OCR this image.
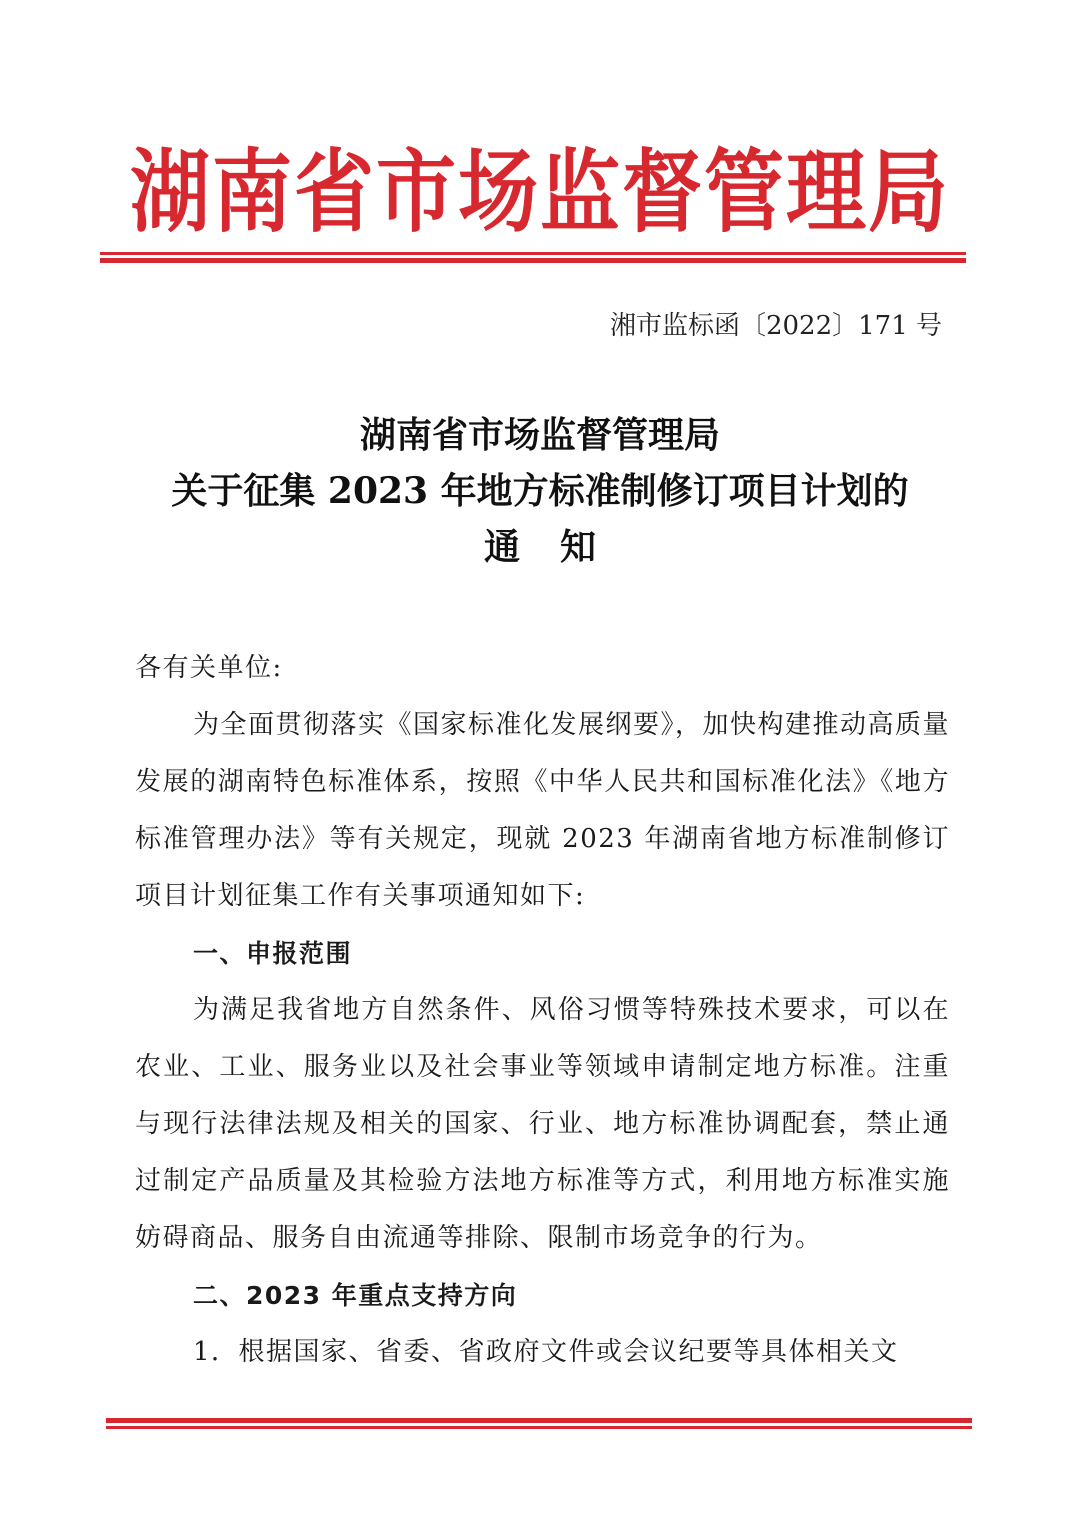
湖南省市场监督管理局
湘市监标函〔2022〕171 号
湖南省市场监督管理局
关于征集 2023 年地方标准制修订项目计划的
通知

各有关单位:

为全面贯彻落实《国家标准化发展纲要》，加快构建推动高质量发展的湖南特色标准体系，按照《中华人民共和国标准化法》《地方标准管理办法》等有关规定，现就 2023 年湖南省地方标准制修订项目计划征集工作有关事项通知如下:

一、申报范围

为满足我省地方自然条件、风俗习惯等特殊技术要求，可以在农业、工业、服务业以及社会事业等领域申请制定地方标准。注重与现行法律法规及相关的国家、行业、地方标准协调配套，禁止通过制定产品质量及其检验方法地方标准等方式，利用地方标准实施妨碍商品、服务自由流通等排除、限制市场竞争的行为。

二、2023 年重点支持方向

1．根据国家、省委、省政府文件或会议纪要等具体相关文
